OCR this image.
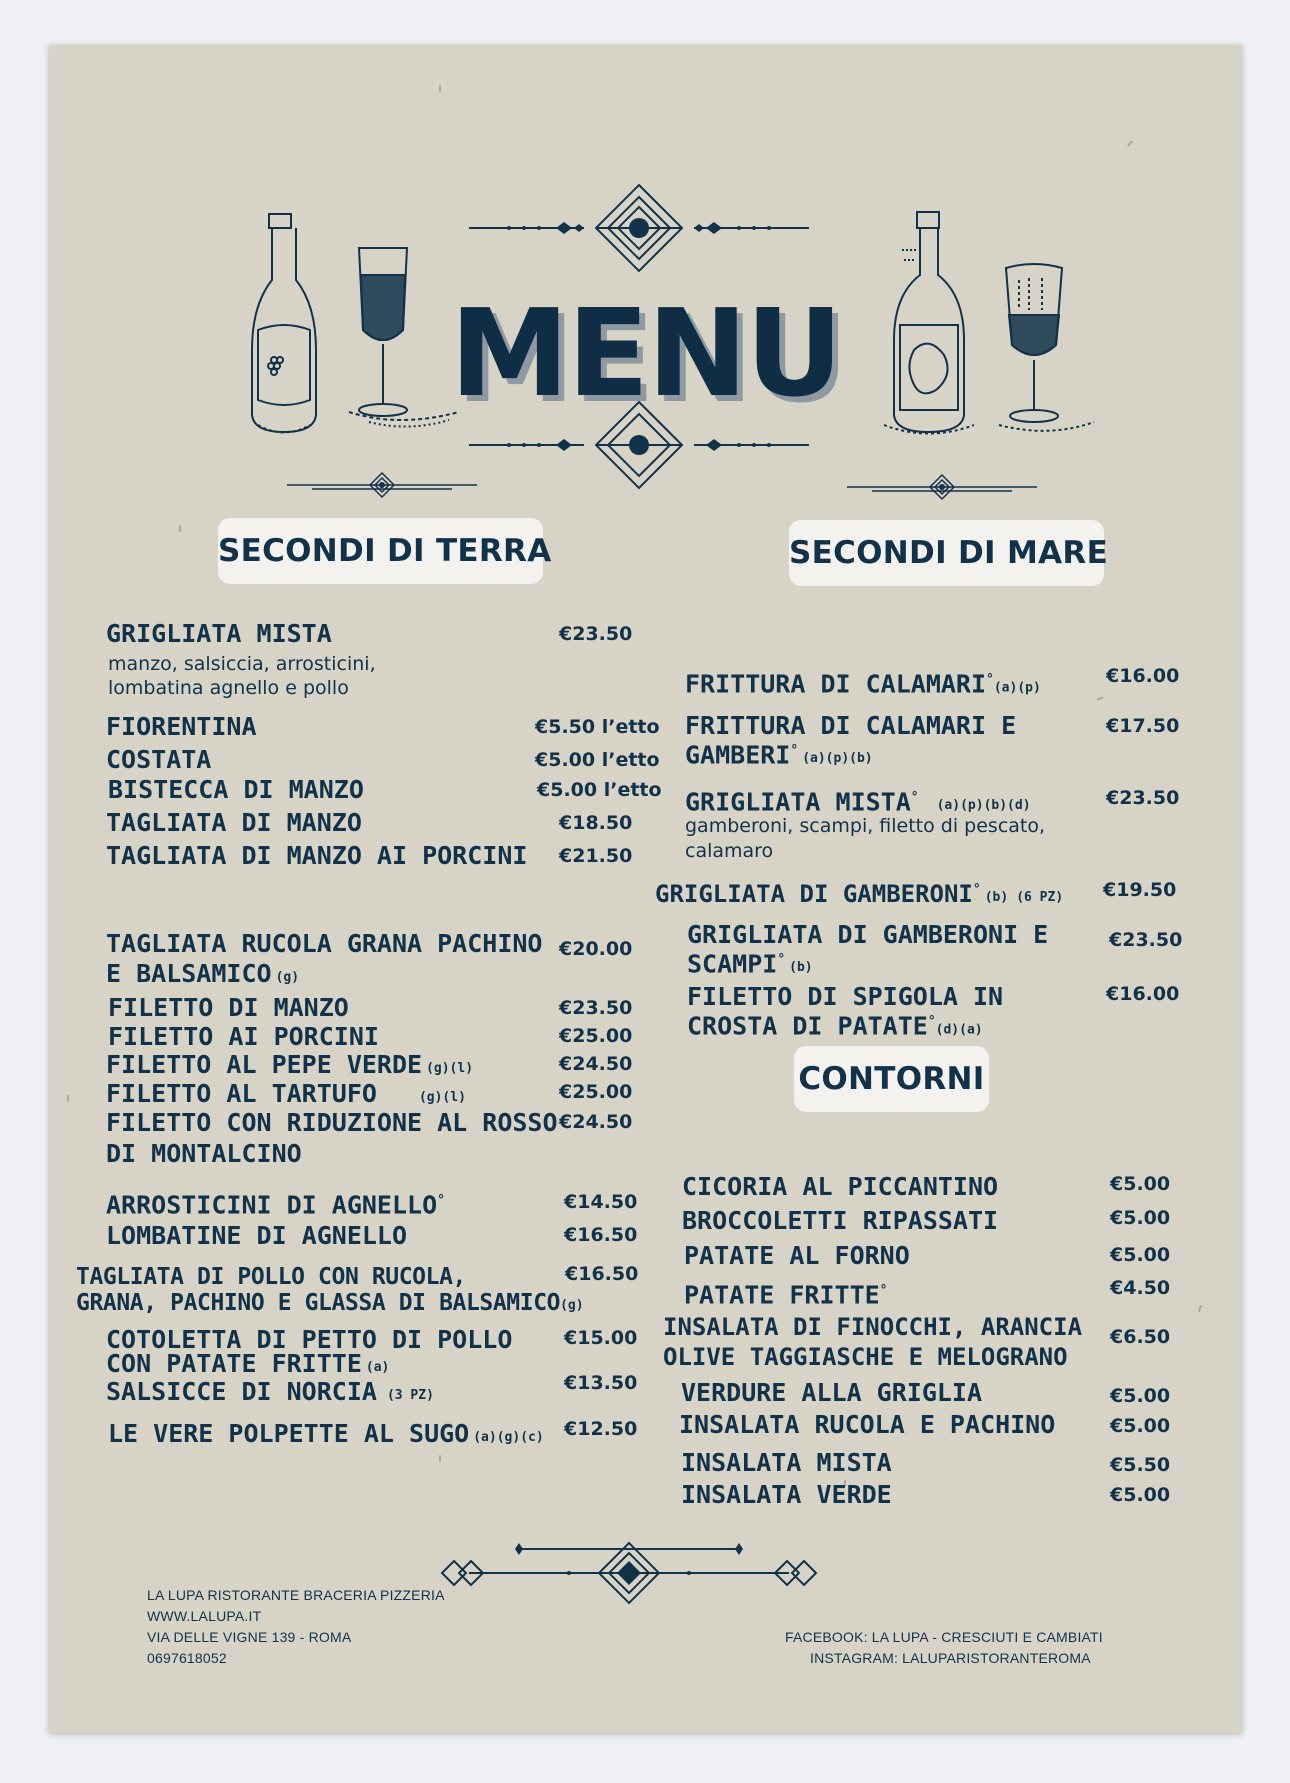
MENU
SECONDI DI TERRA	SECONDI DI MARE
CONTORNI
GRIGLIATA MISTA
manzo, salsiccia, arrosticini,
lombatina agnello e pollo
€23.50
FIORENTINA	€5.50 l’etto
COSTATA	€5.00 l’etto
BISTECCA DI MANZO	€5.00 l’etto
TAGLIATA DI MANZO	€18.50
TAGLIATA DI MANZO AI PORCINI €21.50
TAGLIATA RUCOLA GRANA PACHINO
E BALSAMICO (g)
€20.00
FILETTO DI MANZO	€23.50
FILETTO AI PORCINI	€25.00
FILETTO AL PEPE VERDE (g)(l)	€24.50
FILETTO AL TARTUFO	(g)(l)	€25.00
FILETTO CON RIDUZIONE AL ROSSO
DI MONTALCINO
€24.50
ARROSTICINI DI AGNELLO°	€14.50
LOMBATINE DI AGNELLO	€16.50
TAGLIATA DI POLLO CON RUCOLA,
GRANA, PACHINO E GLASSA DI BALSAMICO(g)
€16.50
COTOLETTA DI PETTO DI POLLO
CON PATATE FRITTE (a)
€15.00
SALSICCE DI NORCIA (3 PZ)
€13.50
LE VERE POLPETTE AL SUGO (a)(g)(c) €12.50
FRITTURA DI CALAMARI°(a)(p)
€16.00
FRITTURA DI CALAMARI E
GAMBERI°(a)(p)(b)
€17.50
GRIGLIATA MISTA°(a)(p)(b)(d)
gamberoni, scampi, filetto di pescato,
calamaro
€23.50
GRIGLIATA DI GAMBERONI°(b) (6 PZ) €19.50
GRIGLIATA DI GAMBERONI E
SCAMPI°(b)
€23.50
FILETTO DI SPIGOLA IN
CROSTA DI PATATE°(d)(a)
€16.00
CICORIA AL PICCANTINO	€5.00
BROCCOLETTI RIPASSATI	€5.00
PATATE AL FORNO	€5.00
PATATE FRITTE°	€4.50
INSALATA DI FINOCCHI, ARANCIA
OLIVE TAGGIASCHE E MELOGRANO
€6.50
VERDURE ALLA GRIGLIA	€5.00
INSALATA RUCOLA E PACHINO	€5.00
INSALATA MISTA	€5.50
INSALATA VERDE	€5.00
LA LUPA RISTORANTE BRACERIA PIZZERIA
WWW.LALUPA.IT
VIA DELLE VIGNE 139 - ROMA
0697618052
FACEBOOK: LA LUPA - CRESCIUTI E CAMBIATI
INSTAGRAM: LALUPARISTORANTEROMA
